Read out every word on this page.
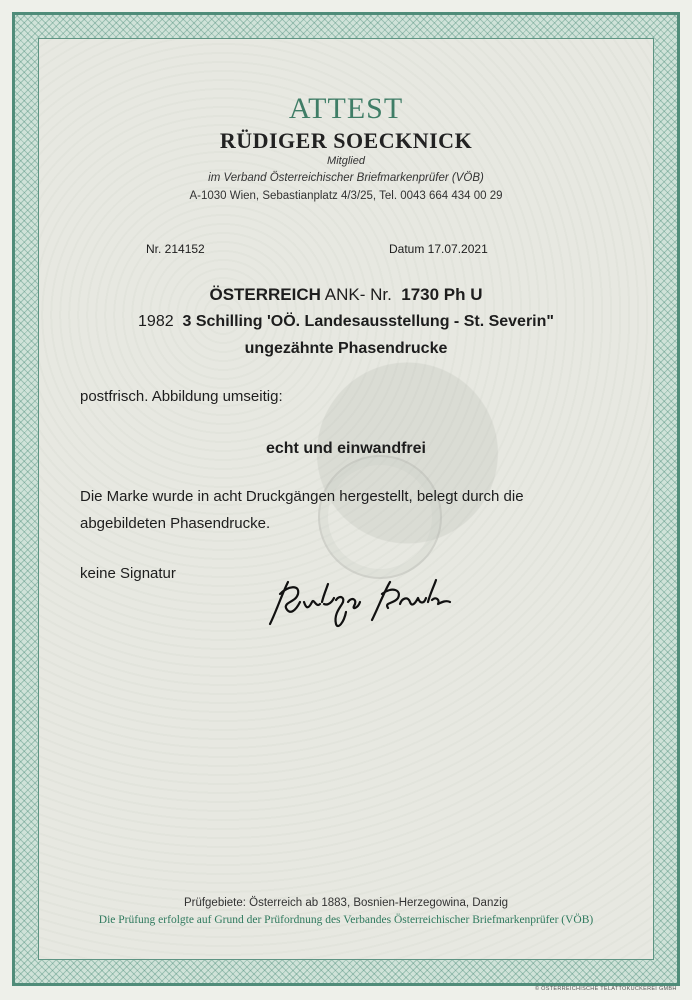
ATTEST
RÜDIGER SOECKNICK
Mitglied
im Verband Österreichischer Briefmarkenprüfer (VÖB)
A-1030 Wien, Sebastianplatz 4/3/25, Tel. 0043 664 434 00 29
Nr. 214152	Datum 17.07.2021
ÖSTERREICH ANK- Nr. 1730 Ph U
1982 3 Schilling 'OÖ. Landesausstellung - St. Severin"
ungezähnte Phasendrucke
postfrisch. Abbildung umseitig:
echt und einwandfrei
Die Marke wurde in acht Druckgängen hergestellt, belegt durch die
abgebildeten Phasendrucke.
keine Signatur
Prüfgebiete: Österreich ab 1883, Bosnien-Herzegowina, Danzig
Die Prüfung erfolgte auf Grund der Prüfordnung des Verbandes Österreichischer Briefmarkenprüfer (VÖB)
© ÖSTERREICHISCHE TELATTOKUCKEREI GMBH
